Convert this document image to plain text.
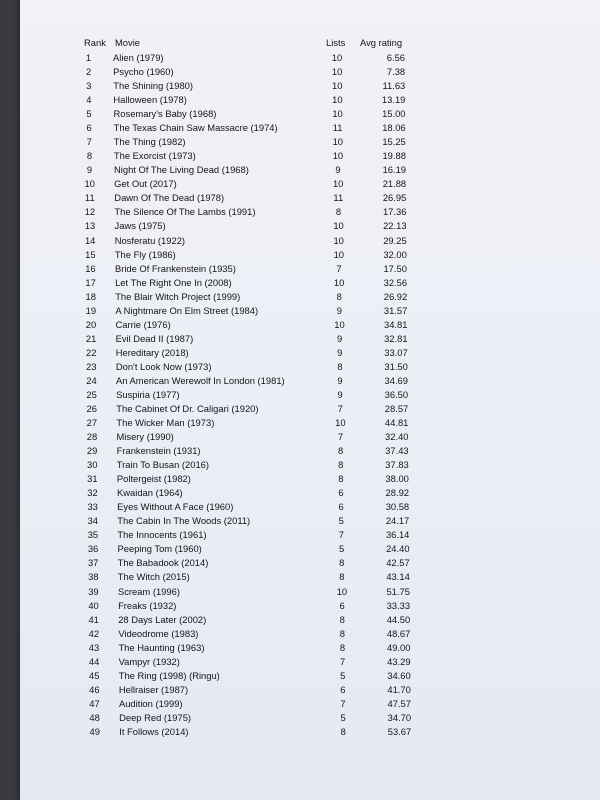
Rank Movie	Lists Avg rating
1	Alien (1979)	10	6.56
2	Psycho (1960)	10	7.38
3	The Shining (1980)	10	11.63
4	Halloween (1978)	10	13.19
5	Rosemary's Baby (1968)	10	15.00
6	The Texas Chain Saw Massacre (1974)	11	18.06
7	The Thing (1982)	10	15.25
8	The Exorcist (1973)	10	19.88
9	Night Of The Living Dead (1968)	9	16.19
10	Get Out (2017)	10	21.88
11	Dawn Of The Dead (1978)	11	26.95
12	The Silence Of The Lambs (1991)	8	17.36
13	Jaws (1975)	10	22.13
14	Nosferatu (1922)	10	29.25
15	The Fly (1986)	10	32.00
16	Bride Of Frankenstein (1935)	7	17.50
17	Let The Right One In (2008)	10	32.56
18	The Blair Witch Project (1999)	8	26.92
19	A Nightmare On Elm Street (1984)	9	31.57
20	Carrie (1976)	10	34.81
21	Evil Dead II (1987)	9	32.81
22	Hereditary (2018)	9	33.07
23	Don't Look Now (1973)	8	31.50
24	An American Werewolf In London (1981)	9	34.69
25	Suspiria (1977)	9	36.50
26	The Cabinet Of Dr. Caligari (1920)	7	28.57
27	The Wicker Man (1973)	10	44.81
28	Misery (1990)	7	32.40
29	Frankenstein (1931)	8	37.43
30	Train To Busan (2016)	8	37.83
31	Poltergeist (1982)	8	38.00
32	Kwaidan (1964)	6	28.92
33	Eyes Without A Face (1960)	6	30.58
34	The Cabin In The Woods (2011)	5	24.17
35	The Innocents (1961)	7	36.14
36	Peeping Tom (1960)	5	24.40
37	The Babadook (2014)	8	42.57
38	The Witch (2015)	8	43.14
39	Scream (1996)	10	51.75
40	Freaks (1932)	6	33.33
41	28 Days Later (2002)	8	44.50
42	Videodrome (1983)	8	48.67
43	The Haunting (1963)	8	49.00
44	Vampyr (1932)	7	43.29
45	The Ring (1998) (Ringu)	5	34.60
46	Hellraiser (1987)	6	41.70
47	Audition (1999)	7	47.57
48	Deep Red (1975)	5	34.70
49	It Follows (2014)	8	53.67
